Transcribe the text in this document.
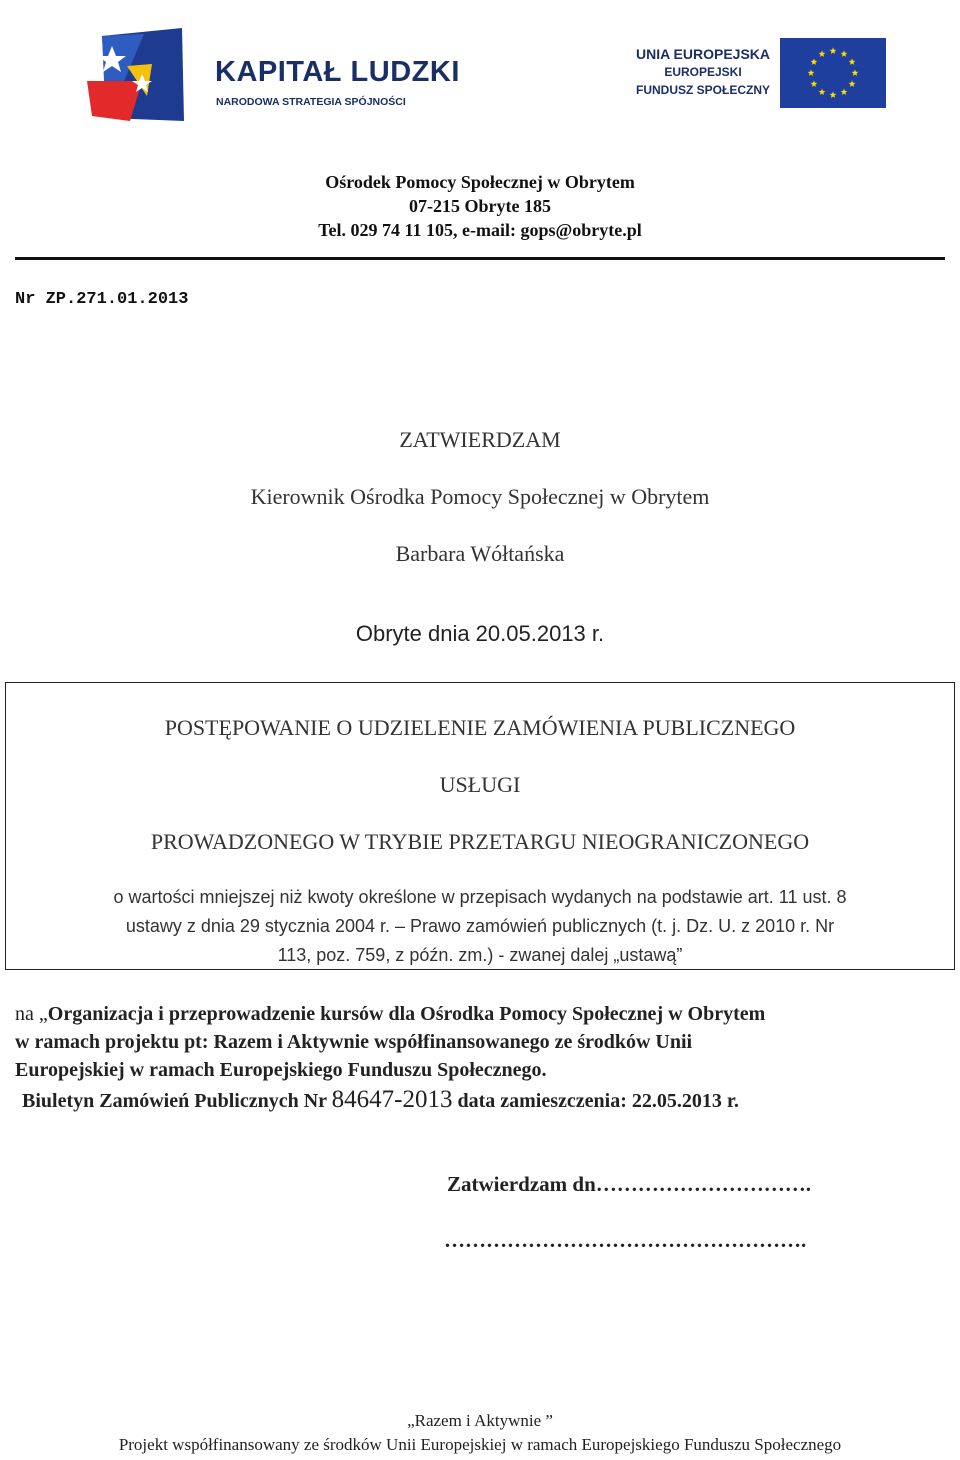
KAPITAŁ LUDZKI
NARODOWA STRATEGIA SPÓJNOŚCI
UNIA EUROPEJSKA
EUROPEJSKI
FUNDUSZ SPOŁECZNY
Ośrodek Pomocy Społecznej w Obrytem
07-215 Obryte 185
Tel. 029 74 11 105, e-mail: gops@obryte.pl
Nr ZP.271.01.2013
ZATWIERDZAM
Kierownik Ośrodka Pomocy Społecznej w Obrytem
Barbara Wółtańska
Obryte dnia 20.05.2013 r.
POSTĘPOWANIE O UDZIELENIE ZAMÓWIENIA PUBLICZNEGO
USŁUGI
PROWADZONEGO W TRYBIE PRZETARGU NIEOGRANICZONEGO
o wartości mniejszej niż kwoty określone w przepisach wydanych na podstawie art. 11 ust. 8
ustawy z dnia 29 stycznia 2004 r. – Prawo zamówień publicznych (t. j. Dz. U. z 2010 r. Nr
113, poz. 759, z późn. zm.) - zwanej dalej „ustawą”
na „Organizacja i przeprowadzenie kursów dla Ośrodka Pomocy Społecznej w Obrytem
w ramach projektu pt: Razem i Aktywnie współfinansowanego ze środków Unii
Europejskiej w ramach Europejskiego Funduszu Społecznego.
Biuletyn Zamówień Publicznych Nr 84647-2013 data zamieszczenia: 22.05.2013 r.
Zatwierdzam dn………………………….
…………………………………………….
„Razem i Aktywnie ”
Projekt współfinansowany ze środków Unii Europejskiej w ramach Europejskiego Funduszu Społecznego
